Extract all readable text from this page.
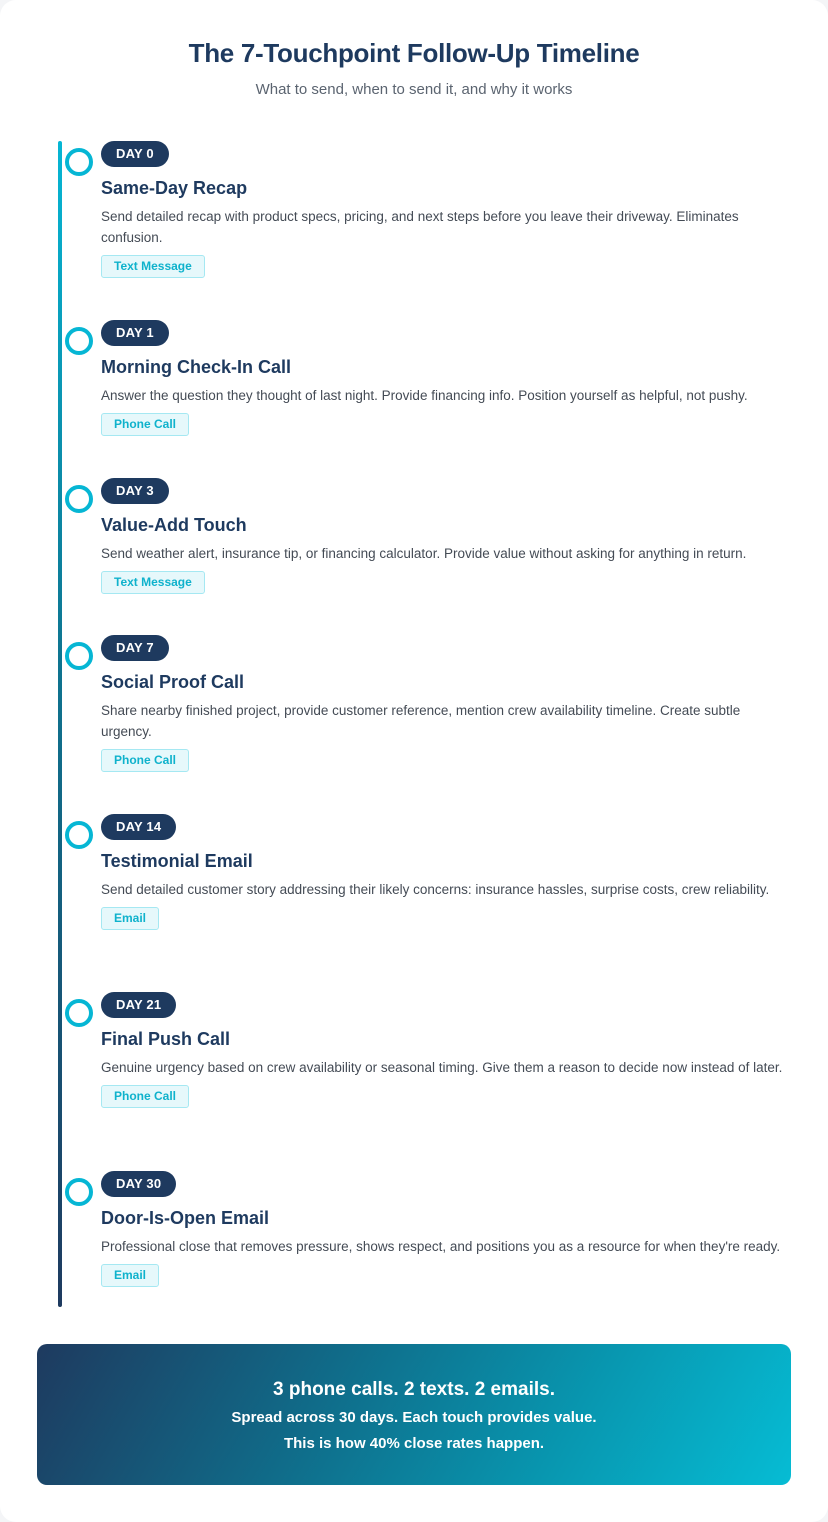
The 7-Touchpoint Follow-Up Timeline

What to send, when to send it, and why it works

DAY 0
Same-Day Recap

Send detailed recap with product specs, pricing, and next steps before you leave their driveway. Eliminates confusion.

Text Message
DAY 1
Morning Check-In Call

Answer the question they thought of last night. Provide financing info. Position yourself as helpful, not pushy.

Phone Call
DAY 3
Value-Add Touch

Send weather alert, insurance tip, or financing calculator. Provide value without asking for anything in return.

Text Message
DAY 7
Social Proof Call

Share nearby finished project, provide customer reference, mention crew availability timeline. Create subtle urgency.

Phone Call
DAY 14
Testimonial Email

Send detailed customer story addressing their likely concerns: insurance hassles, surprise costs, crew reliability.

Email
DAY 21
Final Push Call

Genuine urgency based on crew availability or seasonal timing. Give them a reason to decide now instead of later.

Phone Call
DAY 30
Door-Is-Open Email

Professional close that removes pressure, shows respect, and positions you as a resource for when they're ready.

Email

3 phone calls. 2 texts. 2 emails.

Spread across 30 days. Each touch provides value.

This is how 40% close rates happen.
